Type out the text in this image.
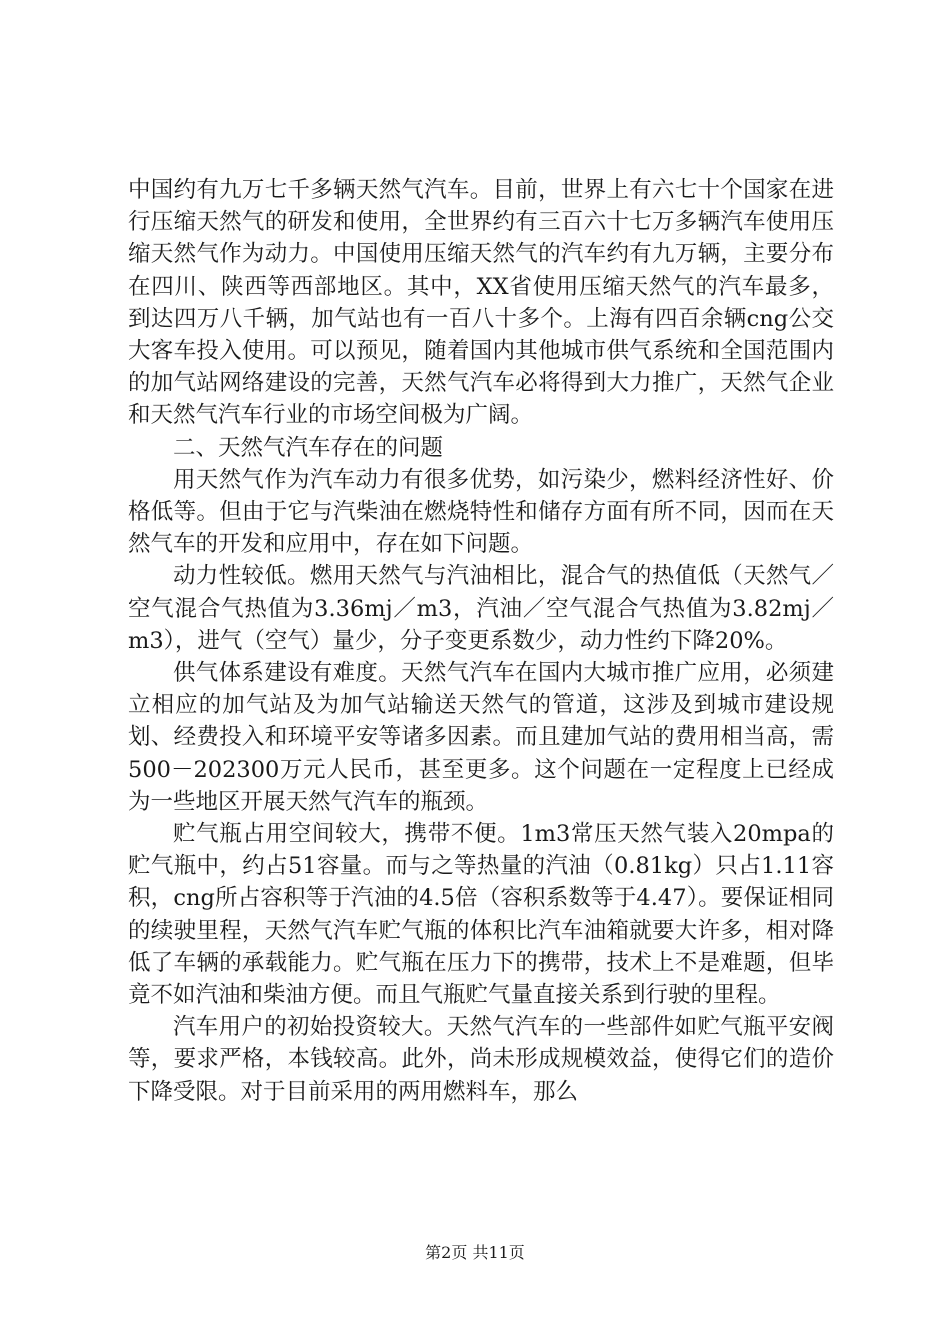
中国约有九万七千多辆天然气汽车。目前，世界上有六七十个国家在进行压缩天然气的研发和使用，全世界约有三百六十七万多辆汽车使用压缩天然气作为动力。中国使用压缩天然气的汽车约有九万辆，主要分布在四川、陕西等西部地区。其中，XX省使用压缩天然气的汽车最多，到达四万八千辆，加气站也有一百八十多个。上海有四百余辆cng公交大客车投入使用。可以预见，随着国内其他城市供气系统和全国范围内的加气站网络建设的完善，天然气汽车必将得到大力推广，天然气企业和天然气汽车行业的市场空间极为广阔。

二、天然气汽车存在的问题

用天然气作为汽车动力有很多优势，如污染少，燃料经济性好、价格低等。但由于它与汽柴油在燃烧特性和储存方面有所不同，因而在天然气车的开发和应用中，存在如下问题。

动力性较低。燃用天然气与汽油相比，混合气的热值低（天然气／空气混合气热值为3.36mj／m3，汽油／空气混合气热值为3.82mj／m3），进气（空气）量少，分子变更系数少，动力性约下降20%。

供气体系建设有难度。天然气汽车在国内大城市推广应用，必须建立相应的加气站及为加气站输送天然气的管道，这涉及到城市建设规划、经费投入和环境平安等诸多因素。而且建加气站的费用相当高，需500－202300万元人民币，甚至更多。这个问题在一定程度上已经成为一些地区开展天然气汽车的瓶颈。

贮气瓶占用空间较大，携带不便。1m3常压天然气装入20mpa的贮气瓶中，约占51容量。而与之等热量的汽油（0.81kg）只占1.11容积，cng所占容积等于汽油的4.5倍（容积系数等于4.47）。要保证相同的续驶里程，天然气汽车贮气瓶的体积比汽车油箱就要大许多，相对降低了车辆的承载能力。贮气瓶在压力下的携带，技术上不是难题，但毕竟不如汽油和柴油方便。而且气瓶贮气量直接关系到行驶的里程。

汽车用户的初始投资较大。天然气汽车的一些部件如贮气瓶平安阀等，要求严格，本钱较高。此外，尚未形成规模效益，使得它们的造价下降受限。对于目前采用的两用燃料车，那么

第2页 共11页
